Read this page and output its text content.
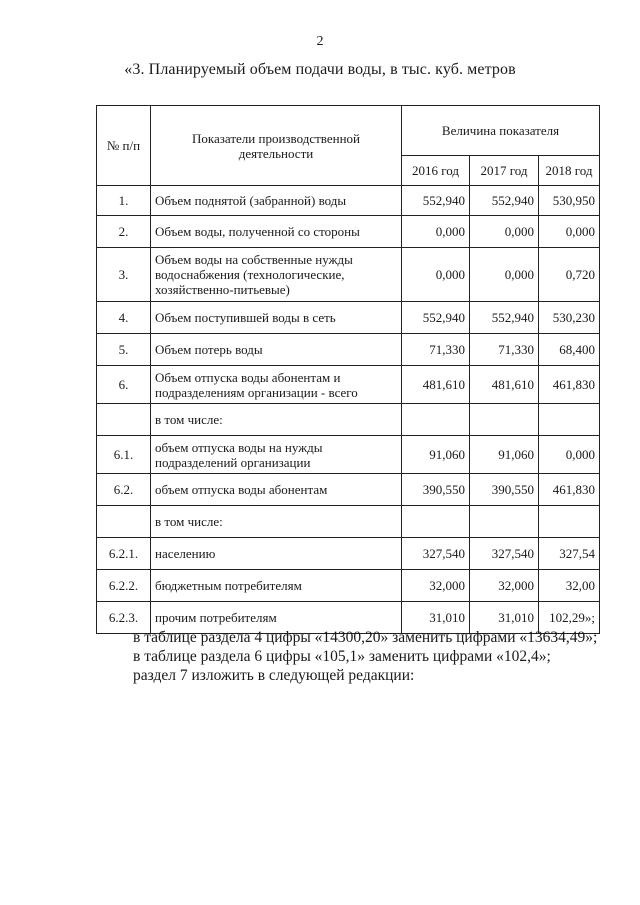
2
«3. Планируемый объем подачи воды, в тыс. куб. метров
№ п/п	Показатели производственной деятельности	Величина показателя		
		2016 год	2017 год	2018 год
1.	Объем поднятой (забранной) воды	552,940	552,940	530,950
2.	Объем воды, полученной со стороны	0,000	0,000	0,000
3.	Объем воды на собственные нужды водоснабжения (технологические, хозяйственно-питьевые)	0,000	0,000	0,720
4.	Объем поступившей воды в сеть	552,940	552,940	530,230
5.	Объем потерь воды	71,330	71,330	68,400
6.	Объем отпуска воды абонентам и подразделениям организации - всего	481,610	481,610	461,830
	в том числе:			
6.1.	объем отпуска воды на нужды подразделений организации	91,060	91,060	0,000
6.2.	объем отпуска воды абонентам	390,550	390,550	461,830
	в том числе:			
6.2.1.	населению	327,540	327,540	327,54
6.2.2.	бюджетным потребителям	32,000	32,000	32,00
6.2.3.	прочим потребителям	31,010	31,010	102,29»;
в таблице раздела 4 цифры «14300,20» заменить цифрами «13634,49»;
в таблице раздела 6 цифры «105,1» заменить цифрами «102,4»;
раздел 7 изложить в следующей редакции:
